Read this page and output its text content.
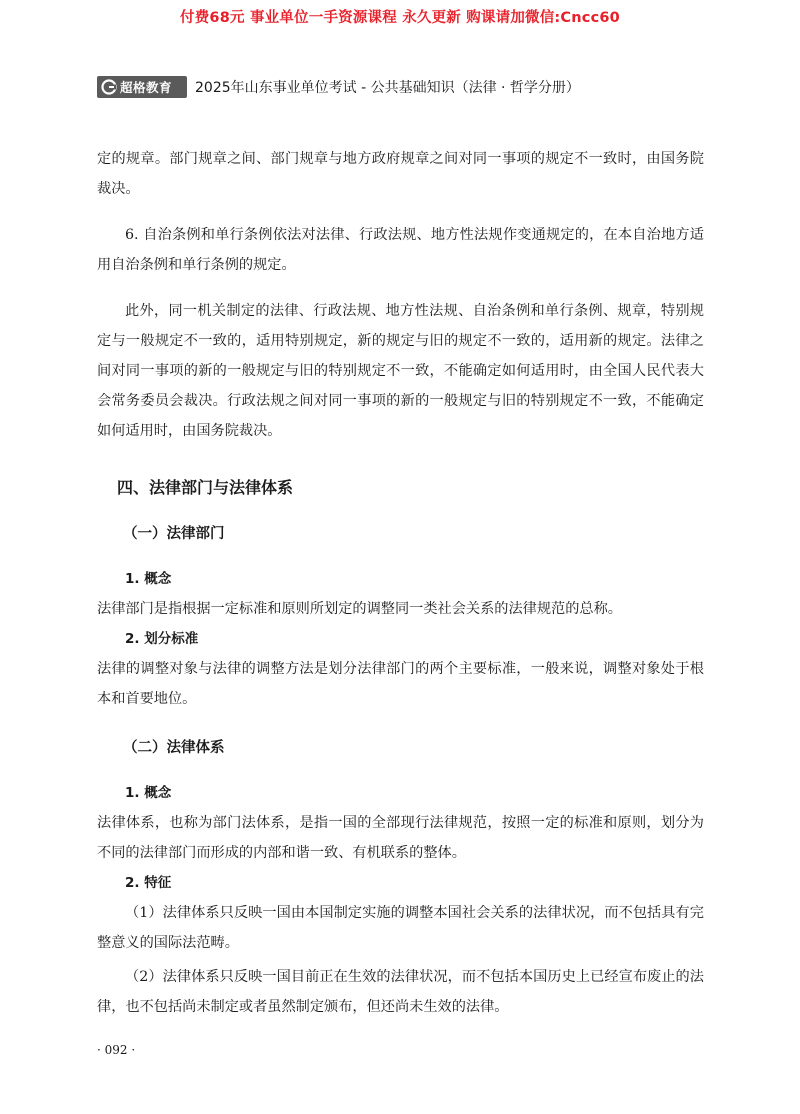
付费68元 事业单位一手资源课程 永久更新 购课请加微信:Cncc60
超格教育 2025年山东事业单位考试 - 公共基础知识（法律 · 哲学分册）

定的规章。部门规章之间、部门规章与地方政府规章之间对同一事项的规定不一致时，由国务院裁决。

6. 自治条例和单行条例依法对法律、行政法规、地方性法规作变通规定的，在本自治地方适用自治条例和单行条例的规定。

此外，同一机关制定的法律、行政法规、地方性法规、自治条例和单行条例、规章，特别规定与一般规定不一致的，适用特别规定，新的规定与旧的规定不一致的，适用新的规定。法律之间对同一事项的新的一般规定与旧的特别规定不一致，不能确定如何适用时，由全国人民代表大会常务委员会裁决。行政法规之间对同一事项的新的一般规定与旧的特别规定不一致，不能确定如何适用时，由国务院裁决。

四、法律部门与法律体系
（一）法律部门
1. 概念

法律部门是指根据一定标准和原则所划定的调整同一类社会关系的法律规范的总称。

2. 划分标准

法律的调整对象与法律的调整方法是划分法律部门的两个主要标准，一般来说，调整对象处于根本和首要地位。

（二）法律体系
1. 概念

法律体系，也称为部门法体系，是指一国的全部现行法律规范，按照一定的标准和原则，划分为不同的法律部门而形成的内部和谐一致、有机联系的整体。

2. 特征

（1）法律体系只反映一国由本国制定实施的调整本国社会关系的法律状况，而不包括具有完整意义的国际法范畴。

（2）法律体系只反映一国目前正在生效的法律状况，而不包括本国历史上已经宣布废止的法律，也不包括尚未制定或者虽然制定颁布，但还尚未生效的法律。

· 092 ·
